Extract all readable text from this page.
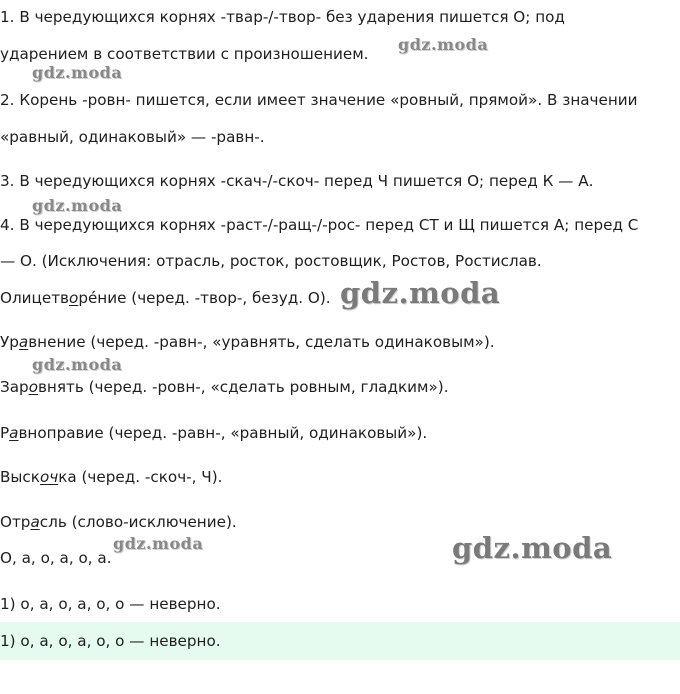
1. В чередующихся корнях -твар-/-твор- без ударения пишется О; под
ударением в соответствии с произношением.
2. Корень -ровн- пишется, если имеет значение «ровный, прямой». В значении
«равный, одинаковый» — -равн-.
3. В чередующихся корнях -скач-/-скоч- перед Ч пишется О; перед К — А.
4. В чередующихся корнях -раст-/-ращ-/-рос- перед СТ и Щ пишется А; перед С
— О. (Исключения: отрасль, росток, ростовщик, Ростов, Ростислав.
Олицетворе́ние (черед. -твор-, безуд. О).
Уравнение (черед. -равн-, «уравнять, сделать одинаковым»).
Заровнять (черед. -ровн-, «сделать ровным, гладким»).
Равноправие (черед. -равн-, «равный, одинаковый»).
Выскочка (черед. -скоч-, Ч).
Отрасль (слово-исключение).
О, а, о, а, о, а.
1) о, а, о, а, о, о — неверно.
1) о, а, о, а, о, о — неверно.
gdz.moda
gdz.moda
gdz.moda
gdz.moda
gdz.moda
gdz.moda	gdz.moda
